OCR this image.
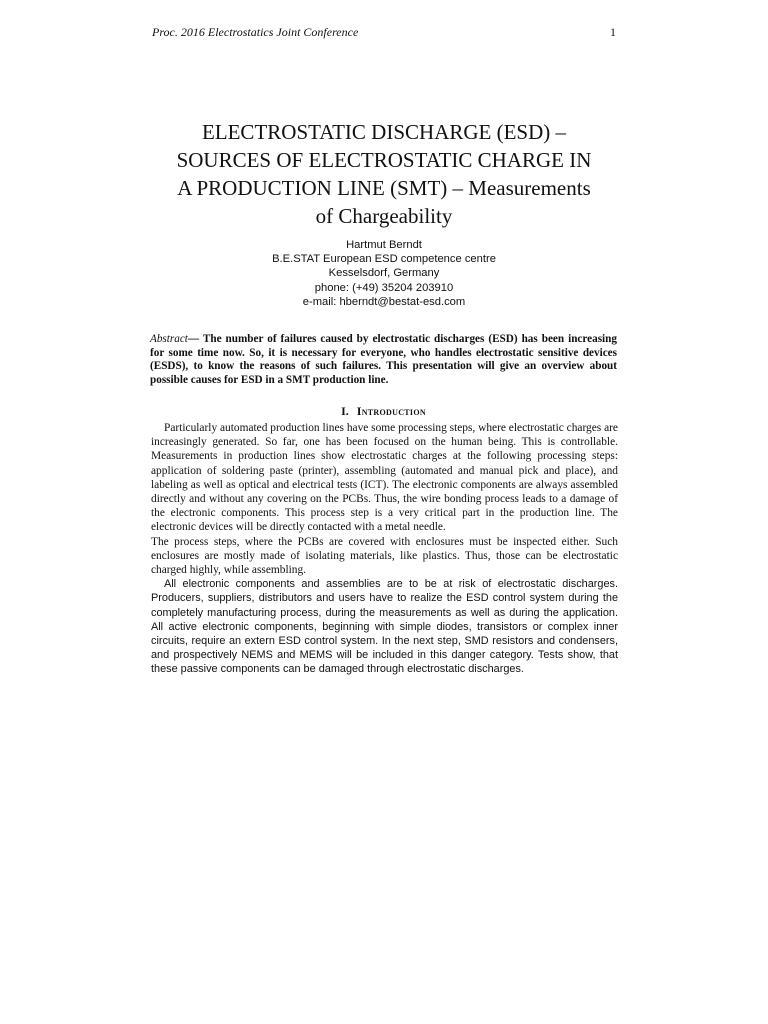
Proc. 2016 Electrostatics Joint Conference	1
ELECTROSTATIC DISCHARGE (ESD) –
SOURCES OF ELECTROSTATIC CHARGE IN
A PRODUCTION LINE (SMT) – Measurements
of Chargeability
Hartmut Berndt
B.E.STAT European ESD competence centre
Kesselsdorf, Germany
phone: (+49) 35204 203910
e-mail: hberndt@bestat-esd.com

Abstract— The number of failures caused by electrostatic discharges (ESD) has been increasing for some time now. So, it is necessary for everyone, who handles electrostatic sensitive devices (ESDS), to know the reasons of such failures. This presentation will give an overview about possible causes for ESD in a SMT production line.

I. Introduction

Particularly automated production lines have some processing steps, where electrostatic charges are increasingly generated. So far, one has been focused on the human being. This is controllable. Measurements in production lines show electrostatic charges at the following processing steps: application of soldering paste (printer), assembling (automated and manual pick and place), and labeling as well as optical and electrical tests (ICT). The electronic components are always assembled directly and without any covering on the PCBs. Thus, the wire bonding process leads to a damage of the electronic components. This process step is a very critical part in the production line. The electronic devices will be directly contacted with a metal needle.

The process steps, where the PCBs are covered with enclosures must be inspected either. Such enclosures are mostly made of isolating materials, like plastics. Thus, those can be electrostatic charged highly, while assembling.

All electronic components and assemblies are to be at risk of electrostatic discharges. Producers, suppliers, distributors and users have to realize the ESD control system during the completely manufacturing process, during the measurements as well as during the application. All active electronic components, beginning with simple diodes, transistors or complex inner circuits, require an extern ESD control system. In the next step, SMD resistors and condensers, and prospectively NEMS and MEMS will be included in this danger category. Tests show, that these passive components can be damaged through electrostatic discharges.
